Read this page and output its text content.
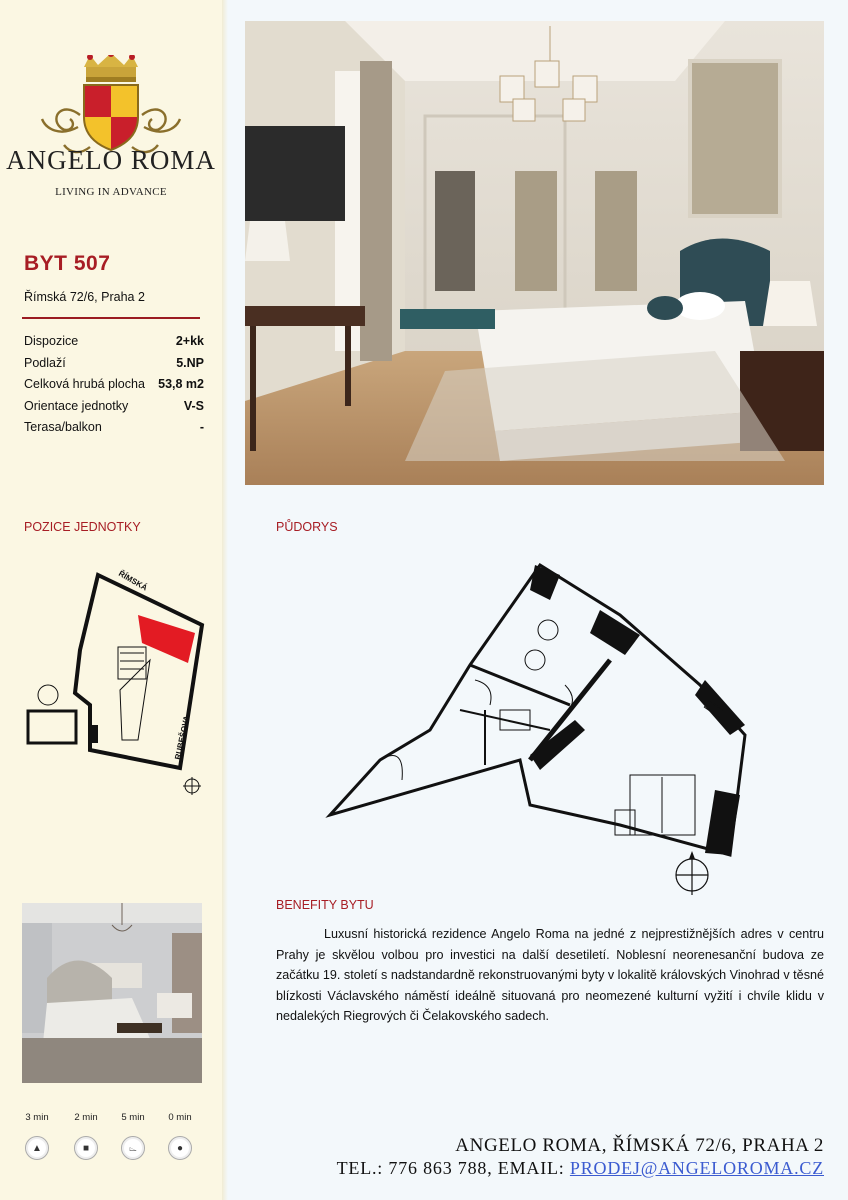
ANGELO ROMA
LIVING IN ADVANCE
BYT 507
Římská 72/6, Praha 2
Dispozice	2+kk
Podlaží	5.NP
Celková hrubá plocha 53,8 m2
Orientace jednotky	V-S
Terasa/balkon	-
POZICE JEDNOTKY	PŮDORYS
ŘÍMSKÁ
RUBEŠOVA
BENEFITY BYTU
Luxusní historická rezidence Angelo Roma na jedné z nejprestižnějších adres v centru Prahy je skvělou volbou pro investici na další desetiletí. Noblesní neorenesanční budova ze začátku 19. století s nadstandardně rekonstruovanými byty v lokalitě královských Vinohrad v těsné blízkosti Václavského náměstí ideálně situovaná pro neomezené kulturní vyžití i chvíle klidu v nedalekých Riegrových či Čelakovského sadech.
3 min
▲
2 min
■
5 min
⌳
0 min
●	ANGELO ROMA, ŘÍMSKÁ 72/6, PRAHA 2
TEL.: 776 863 788, EMAIL: PRODEJ@ANGELOROMA.CZ
